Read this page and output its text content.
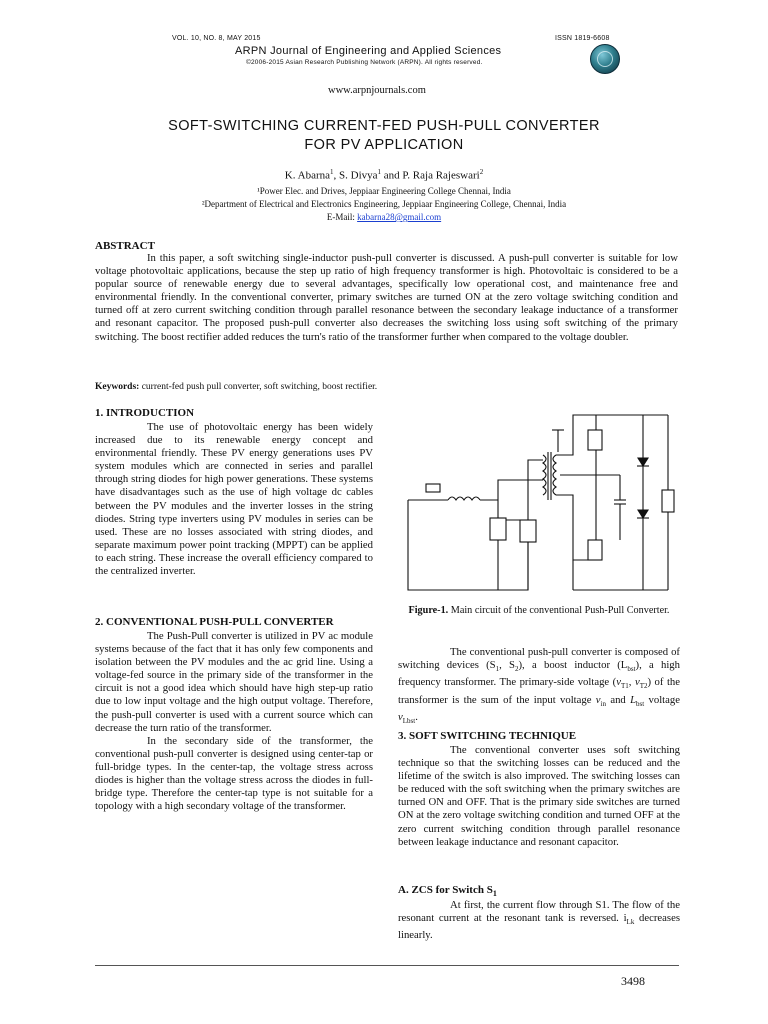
VOL. 10, NO. 8, MAY 2015	ISSN 1819-6608
ARPN Journal of Engineering and Applied Sciences
©2006-2015 Asian Research Publishing Network (ARPN). All rights reserved.
www.arpnjournals.com
SOFT-SWITCHING CURRENT-FED PUSH-PULL CONVERTER
FOR PV APPLICATION
K. Abarna$^1$, S. Divya$^1$ and P. Raja Rajeswari$^2$
¹Power Elec. and Drives, Jeppiaar Engineering College Chennai, India
²Department of Electrical and Electronics Engineering, Jeppiaar Engineering College, Chennai, India
E-Mail: kabarna28@gmail.com
ABSTRACT

In this paper, a soft switching single-inductor push-pull converter is discussed. A push-pull converter is suitable for low voltage photovoltaic applications, because the step up ratio of high frequency transformer is high. Photovoltaic is considered to be a popular source of renewable energy due to several advantages, specifically low operational cost, and maintenance free and environmental friendly. In the conventional converter, primary switches are turned ON at the zero voltage switching condition and turned off at zero current switching condition through parallel resonance between the secondary leakage inductance of a transformer and resonant capacitor. The proposed push-pull converter also decreases the switching loss using soft switching of the primary switching. The boost rectifier added reduces the turn's ratio of the transformer further when compared to the voltage doubler.

Keywords: current-fed push pull converter, soft switching, boost rectifier.
1. INTRODUCTION

The use of photovoltaic energy has been widely increased due to its renewable energy concept and environmental friendly. These PV energy generations uses PV system modules which are connected in series and parallel through string diodes for high power generations. These systems have disadvantages such as the use of high voltage dc cables between the PV modules and the inverter losses in the string diodes. String type inverters using PV modules in series can be used. These are no losses associated with string diodes, and separate maximum power point tracking (MPPT) can be applied to each string. These increase the overall efficiency compared to the centralized inverter.

2. CONVENTIONAL PUSH-PULL CONVERTER

The Push-Pull converter is utilized in PV ac module systems because of the fact that it has only few components and isolation between the PV modules and the ac grid line. Using a voltage-fed source in the primary side of the transformer in the circuit is not a good idea which should have high step-up ratio due to low input voltage and the high output voltage. Therefore, the push-pull converter is used with a current source which can decrease the turn ratio of the transformer.

In the secondary side of the transformer, the conventional push-pull converter is designed using center-tap or full-bridge types. In the center-tap, the voltage stress across diodes is higher than the voltage stress across the diodes in full-bridge type. Therefore the center-tap type is not suitable for a topology with a high secondary voltage of the transformer.

Figure-1. Main circuit of the conventional Push-Pull Converter.

The conventional push-pull converter is composed of switching devices ($S_1$, $S_2$), a boost inductor $(L_{bst})$, a high frequency transformer. The primary-side voltage ($v_{T1}$, $v_{T2}$) of the transformer is the sum of the input voltage $v_{in}$ and $L_{bst}$ voltage $v_{Lbst}$.

3. SOFT SWITCHING TECHNIQUE

The conventional converter uses soft switching technique so that the switching losses can be reduced and the lifetime of the switch is also improved. The switching losses can be reduced with the soft switching when the primary switches are turned ON and OFF. That is the primary side switches are turned ON at the zero voltage switching condition and turned OFF at the zero current switching condition through parallel resonance between leakage inductance and resonant capacitor.

A. ZCS for Switch $S_1$

At first, the current flow through S1. The flow of the resonant current at the resonant tank is reversed. $i_{Lk}$ decreases linearly.

3498
